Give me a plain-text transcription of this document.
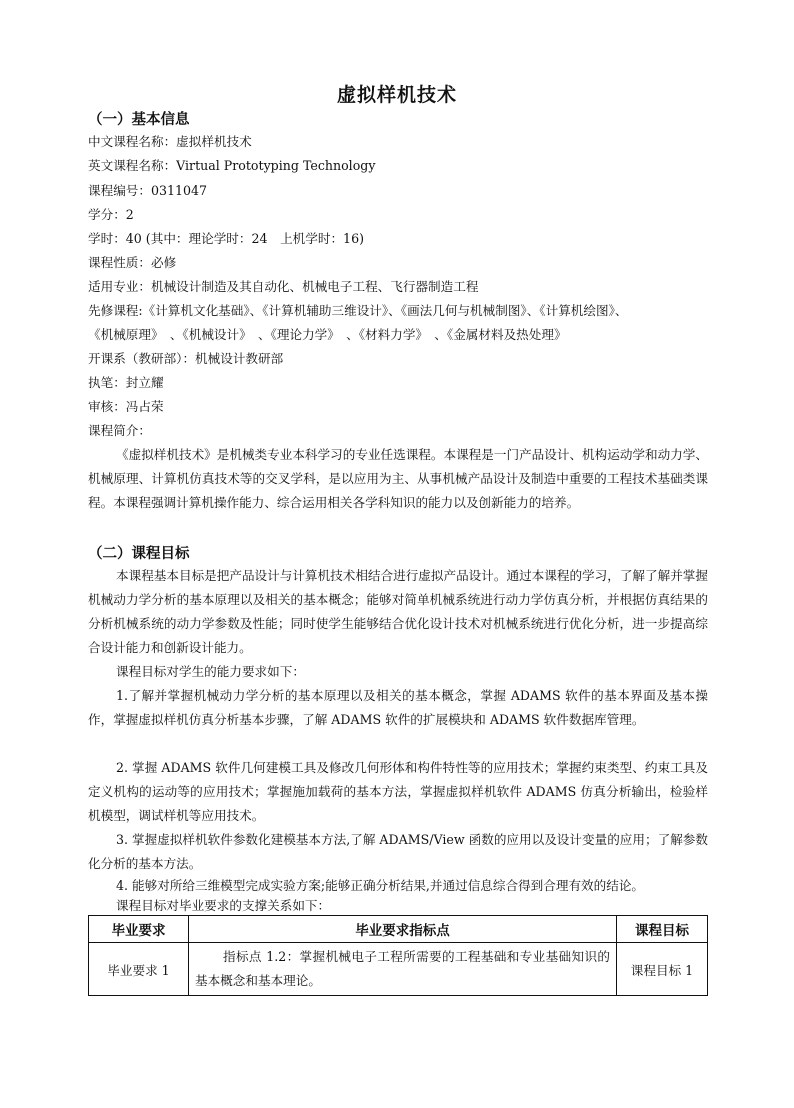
虚拟样机技术
（一）基本信息
中文课程名称：虚拟样机技术
英文课程名称：Virtual Prototyping Technology
课程编号：0311047
学分：2
学时：40 (其中：理论学时：24　上机学时：16)
课程性质：必修
适用专业：机械设计制造及其自动化、机械电子工程、飞行器制造工程
先修课程:《计算机文化基础》、《计算机辅助三维设计》、《画法几何与机械制图》、《计算机绘图》、
《机械原理》　、《机械设计》　、《理论力学》　、《材料力学》　、《金属材料及热处理》
开课系（教研部）：机械设计教研部
执笔：封立耀
审核：冯占荣
课程简介：

《虚拟样机技术》是机械类专业本科学习的专业任选课程。本课程是一门产品设计、机构运动学和动力学、机械原理、计算机仿真技术等的交叉学科，是以应用为主、从事机械产品设计及制造中重要的工程技术基础类课程。本课程强调计算机操作能力、综合运用相关各学科知识的能力以及创新能力的培养。

（二）课程目标

本课程基本目标是把产品设计与计算机技术相结合进行虚拟产品设计。通过本课程的学习，了解了解并掌握机械动力学分析的基本原理以及相关的基本概念；能够对简单机械系统进行动力学仿真分析，并根据仿真结果的分析机械系统的动力学参数及性能；同时使学生能够结合优化设计技术对机械系统进行优化分析，进一步提高综合设计能力和创新设计能力。

课程目标对学生的能力要求如下：

1.了解并掌握机械动力学分析的基本原理以及相关的基本概念，掌握 ADAMS 软件的基本界面及基本操作，掌握虚拟样机仿真分析基本步骤，了解 ADAMS 软件的扩展模块和 ADAMS 软件数据库管理。

2. 掌握 ADAMS 软件几何建模工具及修改几何形体和构件特性等的应用技术；掌握约束类型、约束工具及定义机构的运动等的应用技术；掌握施加载荷的基本方法，掌握虚拟样机软件 ADAMS 仿真分析输出，检验样机模型，调试样机等应用技术。

3. 掌握虚拟样机软件参数化建模基本方法,了解 ADAMS/View 函数的应用以及设计变量的应用；了解参数化分析的基本方法。

4. 能够对所给三维模型完成实验方案;能够正确分析结果,并通过信息综合得到合理有效的结论。

课程目标对毕业要求的支撑关系如下：

毕业要求	毕业要求指标点	课程目标
毕业要求 1	指标点 1.2：掌握机械电子工程所需要的工程基础和专业基础知识的基本概念和基本理论。	课程目标 1
